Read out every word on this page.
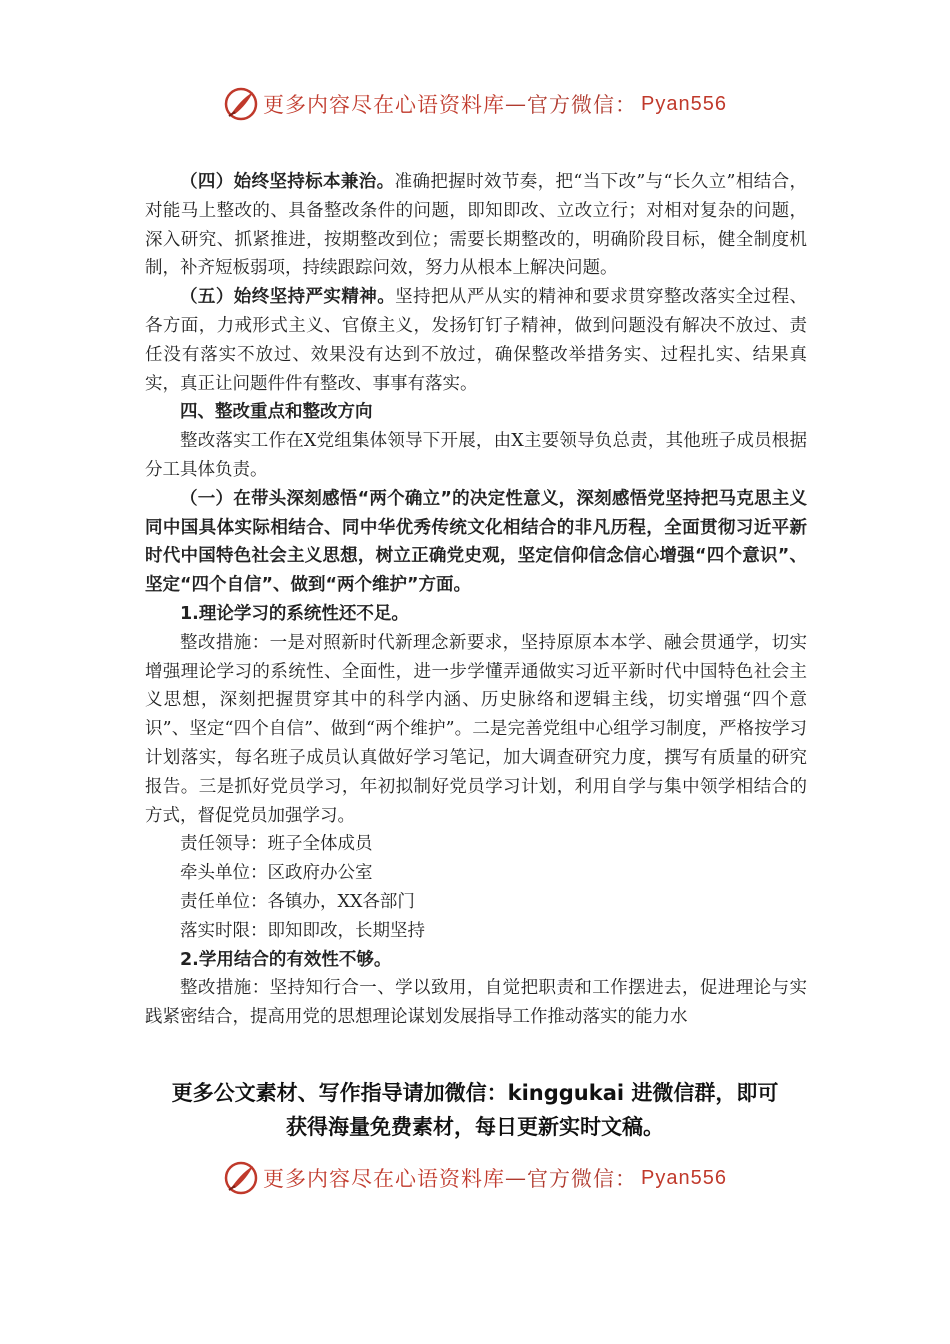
更多内容尽在心语资料库 — 官方微信： Pyan556

（四）始终坚持标本兼治。准确把握时效节奏，把“当下改”与“长久立”相结合，对能马上整改的、具备整改条件的问题，即知即改、立改立行；对相对复杂的问题，深入研究、抓紧推进，按期整改到位；需要长期整改的，明确阶段目标，健全制度机制，补齐短板弱项，持续跟踪问效，努力从根本上解决问题。

（五）始终坚持严实精神。坚持把从严从实的精神和要求贯穿整改落实全过程、各方面，力戒形式主义、官僚主义，发扬钉钉子精神，做到问题没有解决不放过、责任没有落实不放过、效果没有达到不放过，确保整改举措务实、过程扎实、结果真实，真正让问题件件有整改、事事有落实。

四、整改重点和整改方向

整改落实工作在X党组集体领导下开展，由X主要领导负总责，其他班子成员根据分工具体负责。

（一）在带头深刻感悟“两个确立”的决定性意义，深刻感悟党坚持把马克思主义同中国具体实际相结合、同中华优秀传统文化相结合的非凡历程，全面贯彻习近平新时代中国特色社会主义思想，树立正确党史观，坚定信仰信念信心增强“四个意识”、坚定“四个自信”、做到“两个维护”方面。

1.理论学习的系统性还不足。

整改措施：一是对照新时代新理念新要求，坚持原原本本学、融会贯通学，切实增强理论学习的系统性、全面性，进一步学懂弄通做实习近平新时代中国特色社会主义思想，深刻把握贯穿其中的科学内涵、历史脉络和逻辑主线，切实增强“四个意识”、坚定“四个自信”、做到“两个维护”。二是完善党组中心组学习制度，严格按学习计划落实，每名班子成员认真做好学习笔记，加大调查研究力度，撰写有质量的研究报告。三是抓好党员学习，年初拟制好党员学习计划，利用自学与集中领学相结合的方式，督促党员加强学习。

责任领导：班子全体成员

牵头单位：区政府办公室

责任单位：各镇办，XX各部门

落实时限：即知即改，长期坚持

2.学用结合的有效性不够。

整改措施：坚持知行合一、学以致用，自觉把职责和工作摆进去，促进理论与实践紧密结合，提高用党的思想理论谋划发展指导工作推动落实的能力水

更多公文素材、写作指导请加微信：kinggukai 进微信群，即可
获得海量免费素材，每日更新实时文稿。
更多内容尽在心语资料库 — 官方微信： Pyan556
